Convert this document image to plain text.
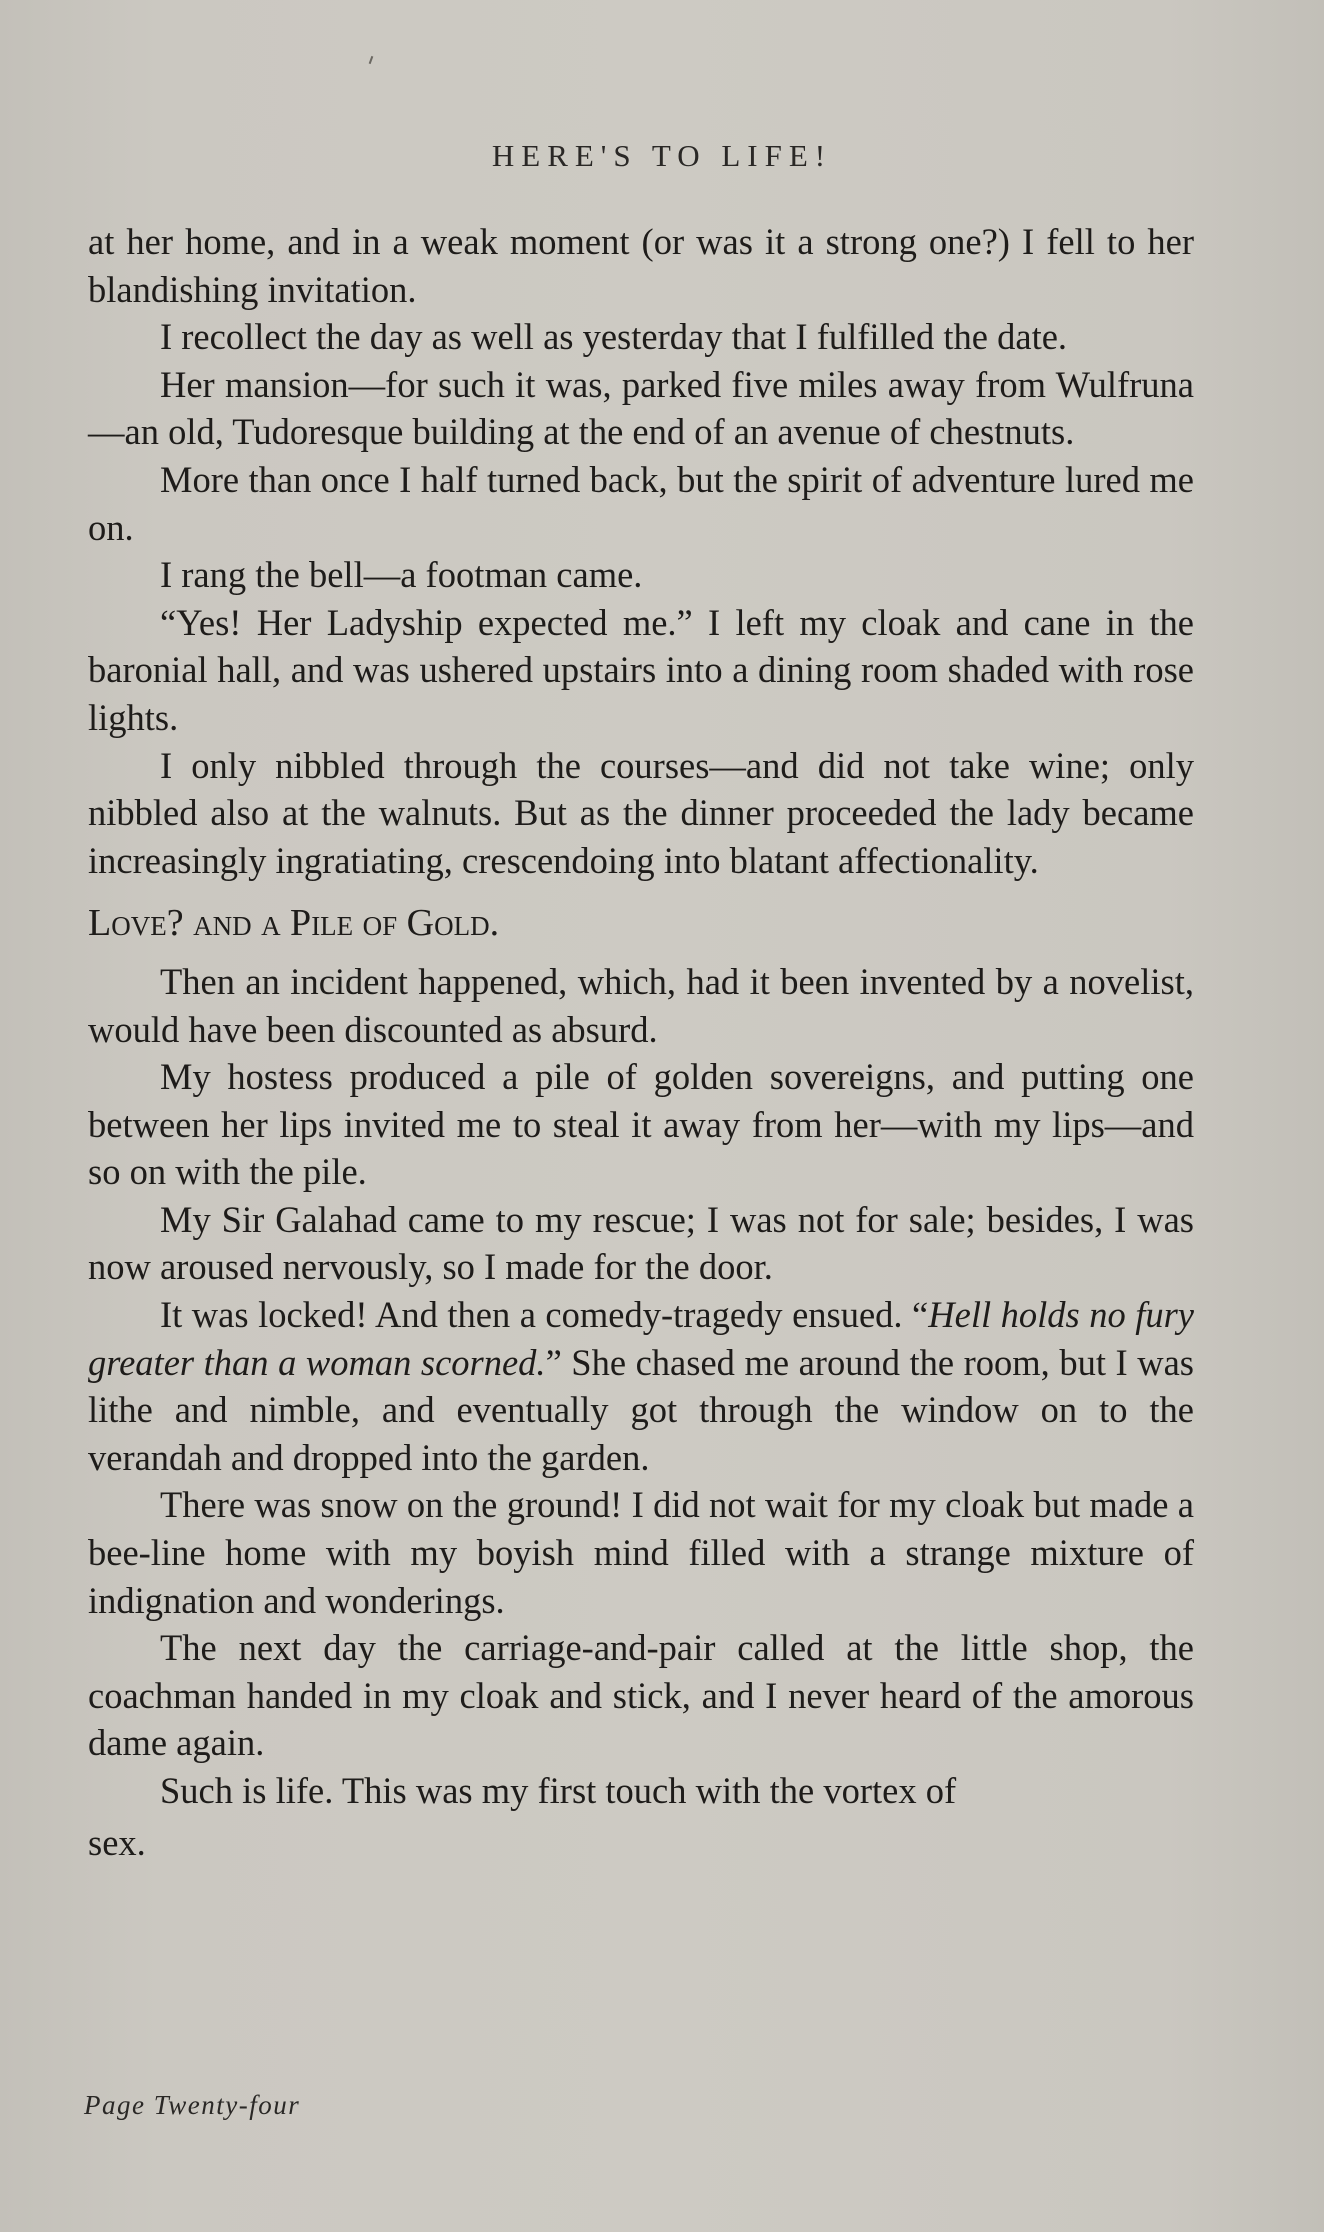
HERE'S TO LIFE!

at her home, and in a weak moment (or was it a strong one?) I fell to her blandishing invitation.

I recollect the day as well as yesterday that I fulfilled the date.

Her mansion—for such it was, parked five miles away from Wulfruna—an old, Tudoresque building at the end of an avenue of chestnuts.

More than once I half turned back, but the spirit of adventure lured me on.

I rang the bell—a footman came.

“Yes! Her Ladyship expected me.” I left my cloak and cane in the baronial hall, and was ushered upstairs into a dining room shaded with rose lights.

I only nibbled through the courses—and did not take wine; only nibbled also at the walnuts. But as the dinner proceeded the lady became increasingly ingratiating, crescendoing into blatant affectionality.

Love? and a Pile of Gold.

Then an incident happened, which, had it been invented by a novelist, would have been discounted as absurd.

My hostess produced a pile of golden sovereigns, and putting one between her lips invited me to steal it away from her—with my lips—and so on with the pile.

My Sir Galahad came to my rescue; I was not for sale; besides, I was now aroused nervously, so I made for the door.

It was locked! And then a comedy-tragedy ensued. “Hell holds no fury greater than a woman scorned.” She chased me around the room, but I was lithe and nimble, and eventually got through the window on to the verandah and dropped into the garden.

There was snow on the ground! I did not wait for my cloak but made a bee-line home with my boyish mind filled with a strange mixture of indignation and wonderings.

The next day the carriage-and-pair called at the little shop, the coachman handed in my cloak and stick, and I never heard of the amorous dame again.

Such is life. This was my first touch with the vortex of
sex.

Page Twenty-four
